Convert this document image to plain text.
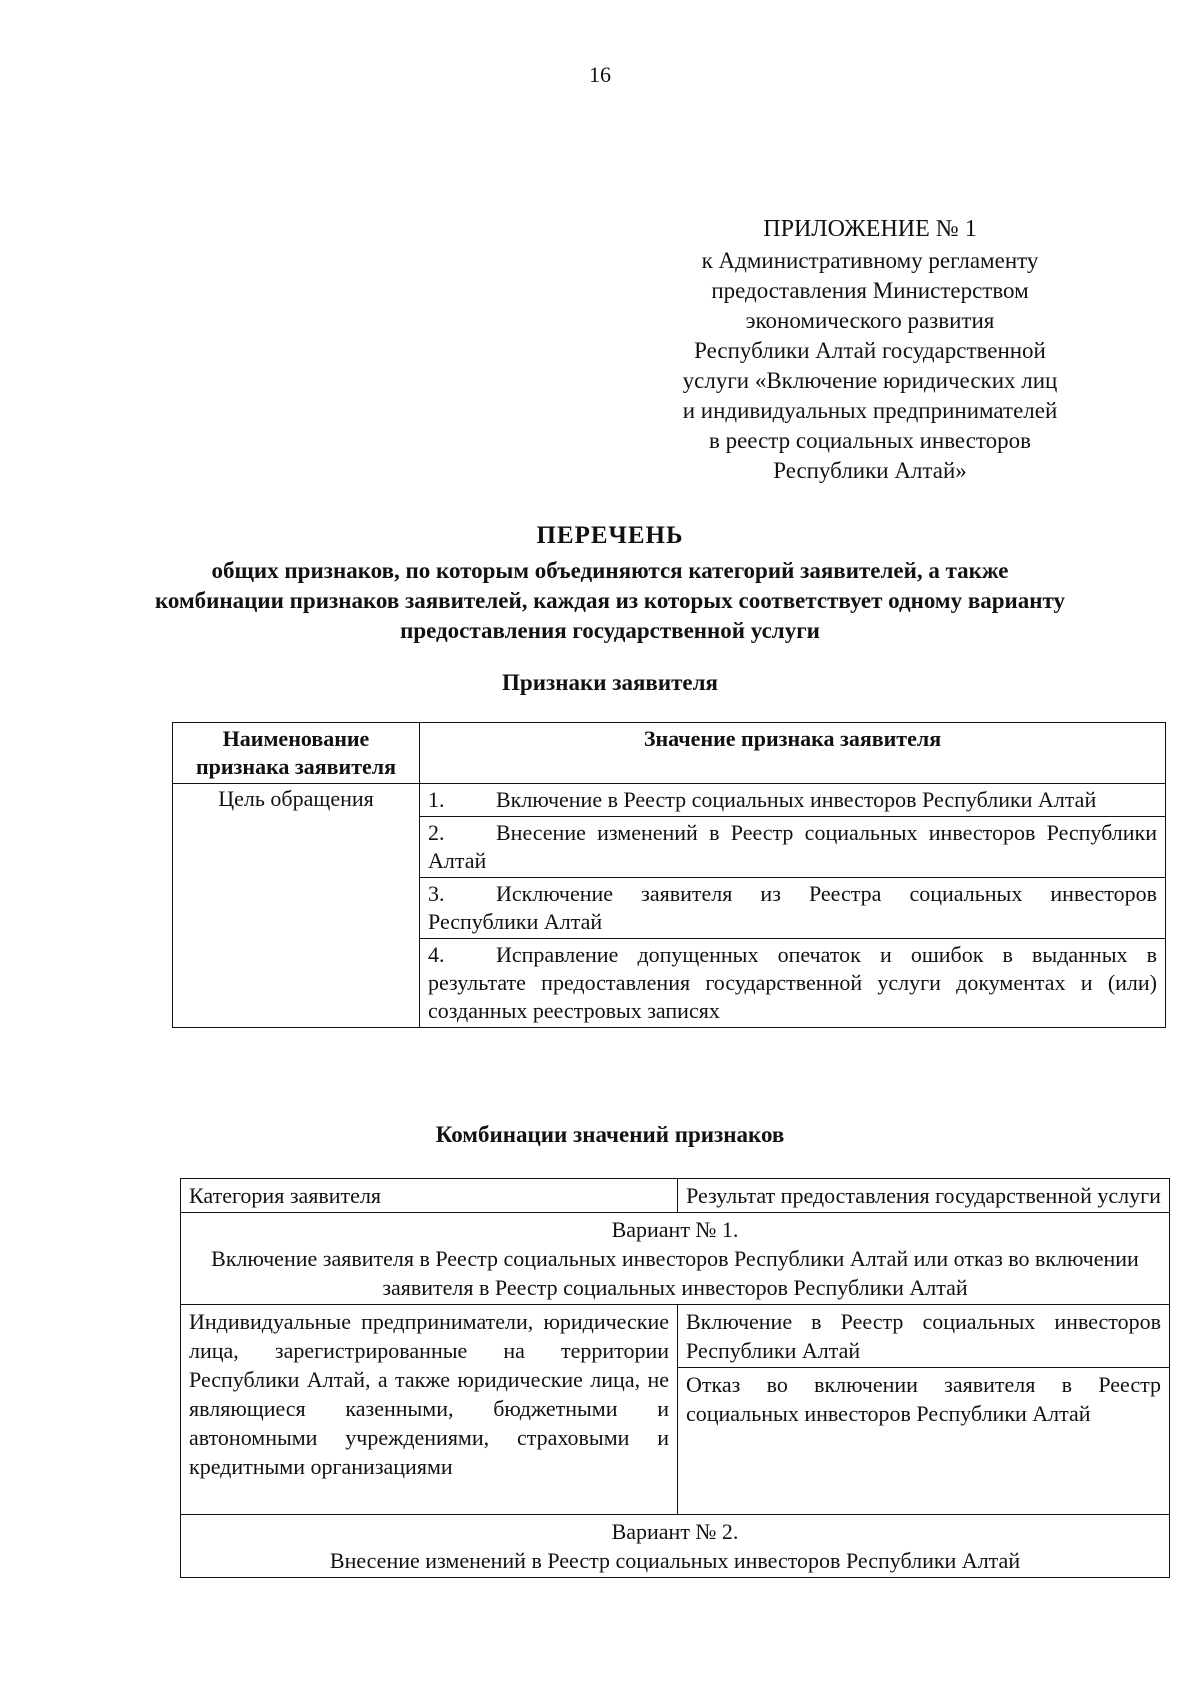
16
ПРИЛОЖЕНИЕ № 1
к Административному регламенту
предоставления Министерством
экономического развития
Республики Алтай государственной
услуги «Включение юридических лиц
и индивидуальных предпринимателей
в реестр социальных инвесторов
Республики Алтай»
ПЕРЕЧЕНЬ
общих признаков, по которым объединяются категорий заявителей, а также комбинации признаков заявителей, каждая из которых соответствует одному варианту предоставления государственной услуги
Признаки заявителя
Наименование признака заявителя	Значение признака заявителя
Цель обращения	1. Включение в Реестр социальных инвесторов Республики Алтай
	2. Внесение изменений в Реестр социальных инвесторов Республики Алтай
	3. Исключение заявителя из Реестра социальных инвесторов Республики Алтай
	4. Исправление допущенных опечаток и ошибок в выданных в результате предоставления государственной услуги документах и (или) созданных реестровых записях
Комбинации значений признаков
Категория заявителя	Результат предоставления государственной услуги

Вариант № 1.
Включение заявителя в Реестр социальных инвесторов Республики Алтай или отказ во включении заявителя в Реестр социальных инвесторов Республики Алтай	

Индивидуальные предприниматели, юридические лица, зарегистрированные на территории Республики Алтай, а также юридические лица, не являющиеся казенными, бюджетными и автономными учреждениями, страховыми и кредитными организациями	Включение в Реестр социальных инвесторов Республики Алтай
	Отказ во включении заявителя в Реестр социальных инвесторов Республики Алтай

Вариант № 2.
Внесение изменений в Реестр социальных инвесторов Республики Алтай	
